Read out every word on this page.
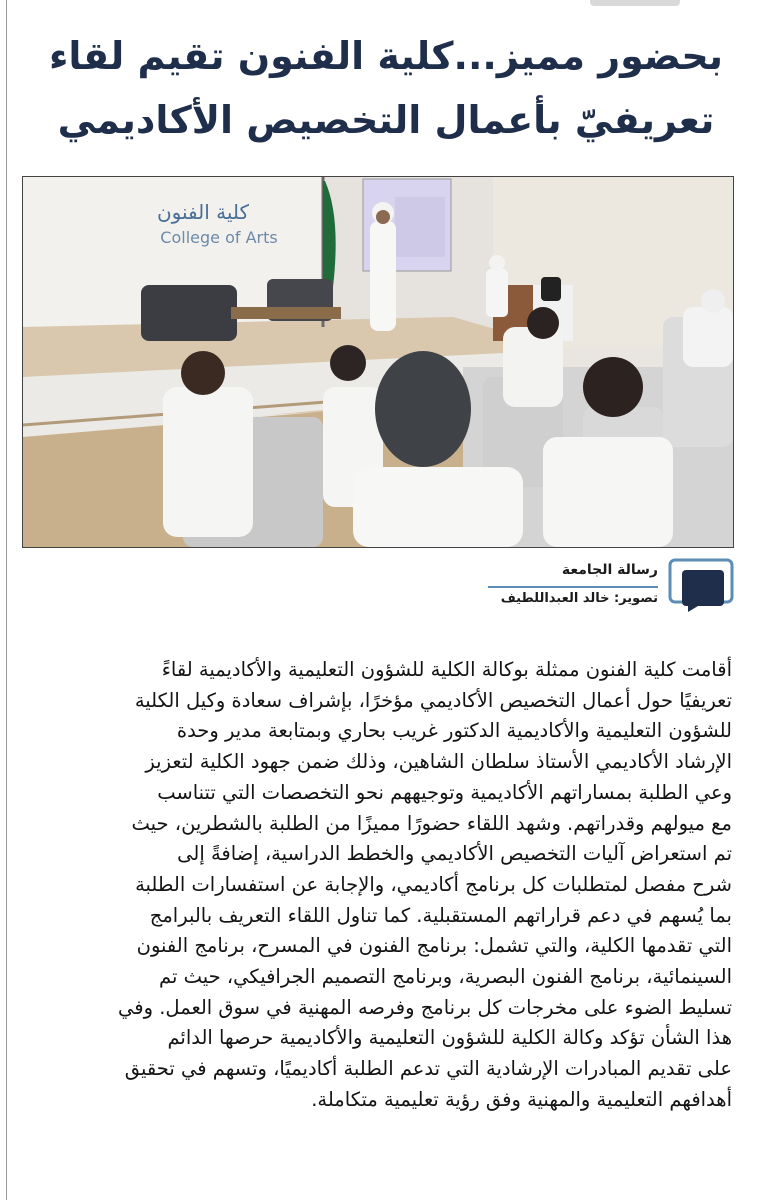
بحضور مميز...كلية الفنون تقيم لقاء
تعريفيّ بأعمال التخصيص الأكاديمي
كلية الفنون
College of Arts
رسالة الجامعة
تصوير: خالد العبداللطيف
أقامت كلية الفنون ممثلة بوكالة الكلية للشؤون التعليمية والأكاديمية لقاءً
تعريفيًا حول أعمال التخصيص الأكاديمي مؤخرًا، بإشراف سعادة وكيل الكلية
للشؤون التعليمية والأكاديمية الدكتور غريب بحاري وبمتابعة مدير وحدة
الإرشاد الأكاديمي الأستاذ سلطان الشاهين، وذلك ضمن جهود الكلية لتعزيز
وعي الطلبة بمساراتهم الأكاديمية وتوجيههم نحو التخصصات التي تتناسب
مع ميولهم وقدراتهم. وشهد اللقاء حضورًا مميزًا من الطلبة بالشطرين، حيث
تم استعراض آليات التخصيص الأكاديمي والخطط الدراسية، إضافةً إلى
شرح مفصل لمتطلبات كل برنامج أكاديمي، والإجابة عن استفسارات الطلبة
بما يُسهم في دعم قراراتهم المستقبلية. كما تناول اللقاء التعريف بالبرامج
التي تقدمها الكلية، والتي تشمل: برنامج الفنون في المسرح، برنامج الفنون
السينمائية، برنامج الفنون البصرية، وبرنامج التصميم الجرافيكي، حيث تم
تسليط الضوء على مخرجات كل برنامج وفرصه المهنية في سوق العمل. وفي
هذا الشأن تؤكد وكالة الكلية للشؤون التعليمية والأكاديمية حرصها الدائم
على تقديم المبادرات الإرشادية التي تدعم الطلبة أكاديميًا، وتسهم في تحقيق
أهدافهم التعليمية والمهنية وفق رؤية تعليمية متكاملة.
